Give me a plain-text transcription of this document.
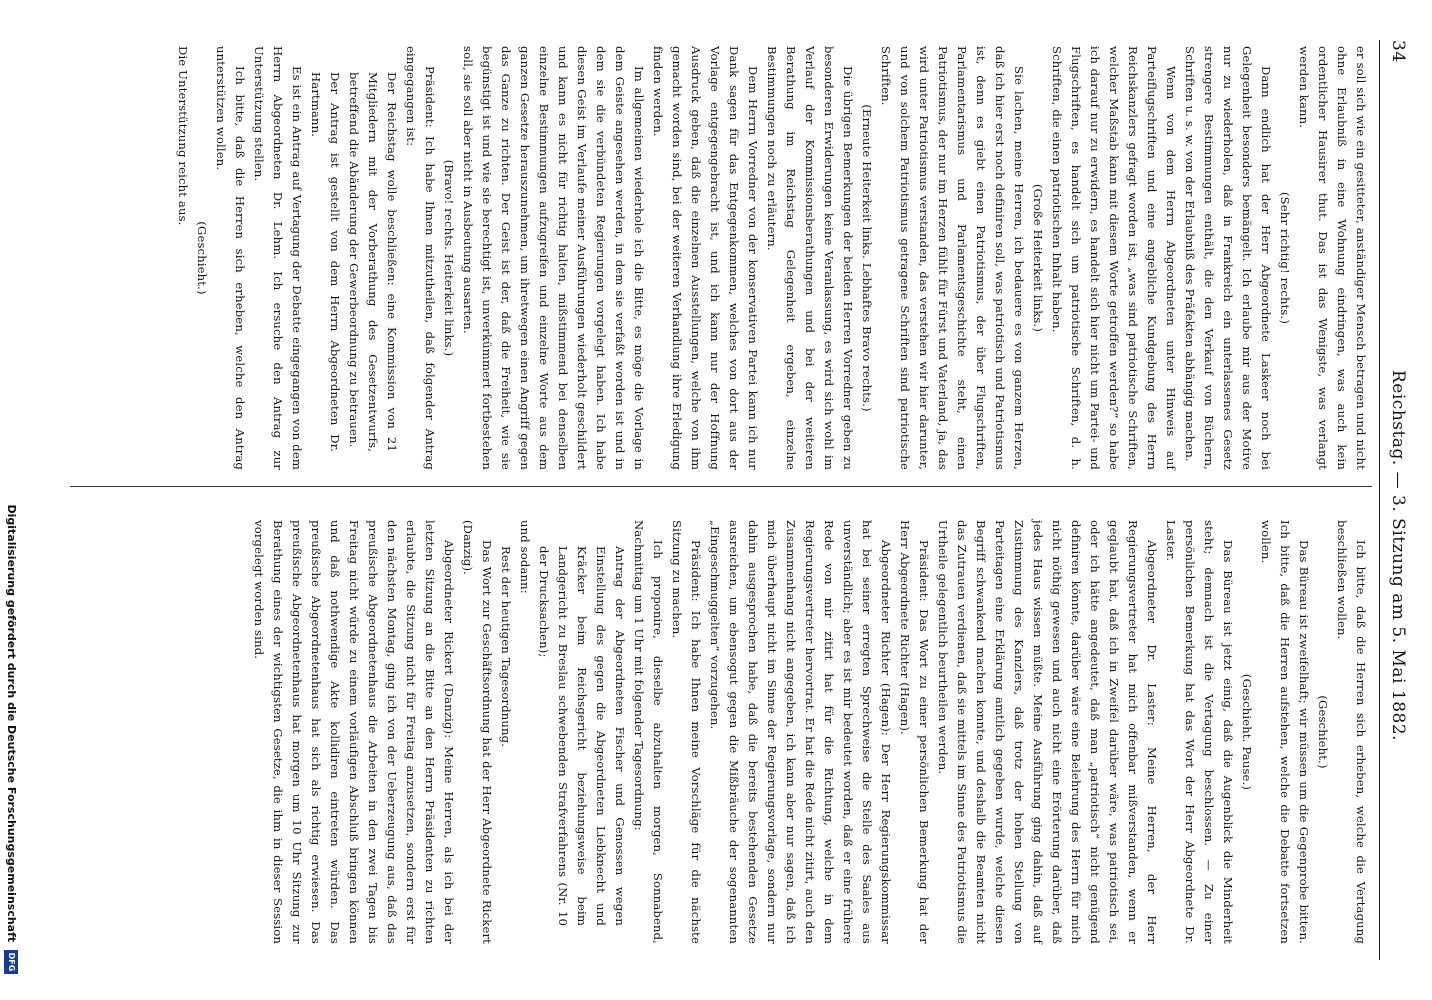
34
Reichstag. — 3. Sitzung am 5. Mai 1882.

er soll sich wie ein gesitteter, anständiger Mensch betragen und nicht ohne Erlaubniß in eine Wohnung eindringen, was auch kein ordentlicher Hausirer thut. Das ist das Wenigste, was verlangt werden kann.

(Sehr richtig! rechts.)

Dann endlich hat der Herr Abgeordnete Laskeer noch bei Gelegenheit besonders bemängelt. Ich erlaube mir aus der Motive nur zu wiederholen, daß in Frankreich ein unterlassenes Gesetz strengere Bestimmungen enthält, die den Verkauf von Büchern, Schriften u. s. w. von der Erlaubniß des Präfekten abhängig machen.

Wenn von dem Herrn Abgeordneten unter Hinweis auf Parteiflugschriften und eine angebliche Kundgebung des Herrn Reichskanzlers gefragt worden ist, „was sind patriotische Schriften, welcher Maßstab kann mit diesem Worte getroffen werden?“ so habe ich darauf nur zu erwidern, es handelt sich hier nicht um Partei- und Flugschriften, es handelt sich um patriotische Schriften, d. h. Schriften, die einen patriotischen Inhalt haben.

(Große Heiterkeit links.)

Sie lachen, meine Herren, ich bedauere es von ganzem Herzen, daß ich hier erst noch definiren soll, was patriotisch und Patriotismus ist, denn es giebt einen Patriotismus, der über Flugschriften, Parlamentarismus und Parlamentsgeschichte steht, einen Patriotismus, der nur im Herzen fühlt für Fürst und Vaterland, ja, das wird unter Patriotismus verstanden, das verstehen wir hier darunter, und von solchem Patriotismus getragene Schriften sind patriotische Schriften.

(Erneute Heiterkeit links. Lebhaftes Bravo rechts.)

Die übrigen Bemerkungen der beiden Herren Vorredner geben zu besonderen Erwiderungen keine Veranlassung, es wird sich wohl im Verlauf der Kommissionsberathungen und bei der weiteren Berathung im Reichstag Gelegenheit ergeben, einzelne Bestimmungen noch zu erläutern.

Dem Herrn Vorredner von der konservativen Partei kann ich nur Dank sagen für das Entgegenkommen, welches von dort aus der Vorlage entgegengebracht ist, und ich kann nur der Hoffnung Ausdruck geben, daß die einzelnen Ausstellungen, welche von ihm gemacht worden sind, bei der weiteren Verhandlung ihre Erledigung finden werden.

Im allgemeinen wiederhole ich die Bitte, es möge die Vorlage in dem Geiste angesehen werden, in dem sie verfaßt worden ist und in dem sie die verbündeten Regierungen vorgelegt haben. Ich habe diesen Geist im Verlaufe meiner Ausführungen wiederholt geschildert und kann es nicht für richtig halten, mißstimmend bei denselben einzelne Bestimmungen aufzugreifen und einzelne Worte aus dem ganzen Gesetze herauszunehmen, um ihretwegen einen Angriff gegen das Ganze zu richten. Der Geist ist der, daß die Freiheit, wie sie begünstigt ist und wie sie berechtigt ist, unverkümmert fortbestehen soll, sie soll aber nicht in Ausbeutung ausarten.

(Bravo! rechts. Heiterkeit links.)

Präsident: Ich habe Ihnen mitzutheilen, daß folgender Antrag eingegangen ist:

Der Reichstag wolle beschließen: eine Kommission von 21 Mitgliedern mit der Vorberathung des Gesetzentwurfs, betreffend die Abänderung der Gewerbeordnung zu betrauen.

Der Antrag ist gestellt von dem Herrn Abgeordneten Dr. Hartmann.

Es ist ein Antrag auf Vertagung der Debatte eingegangen von dem Herrn Abgeordneten Dr. Lehm. Ich ersuche den Antrag zur Unterstützung stellen.

Ich bitte, daß die Herren sich erheben, welche den Antrag unterstützen wollen.

(Geschieht.)

Die Unterstützung reicht aus.

Ich bitte, daß die Herren sich erheben, welche die Vertagung beschließen wollen.

(Geschieht.)

Das Büreau ist zweifelhaft; wir müssen um die Gegenprobe bitten. Ich bitte, daß die Herren aufstehen, welche die Debatte fortsetzen wollen.

(Geschieht. Pause.)

Das Büreau ist jetzt einig, daß die Augenblick die Minderheit steht; demnach ist die Vertagung beschlossen. — Zu einer persönlichen Bemerkung hat das Wort der Herr Abgeordnete Dr. Laster.

Abgeordneter Dr. Laster: Meine Herren, der Herr Regierungsvertreter hat mich offenbar mißverstanden, wenn er geglaubt hat, daß ich in Zweifel darüber wäre, was patriotisch sei, oder ich hätte angedeutet, daß man „patriotisch“ nicht genügend definiren könnte, darüber wäre eine Belehrung des Herrn für mich nicht nöthig gewesen und auch nicht eine Erörterung darüber, daß jedes Haus wissen müßte. Meine Ausführung ging dahin, daß auf Zustimmung des Kanzlers, daß trotz der hohen Stellung von Parteitagen eine Erklärung amtlich gegeben wurde, welche diesen Begriff schwankend machen konnte, und deshalb die Beamten nicht das Zutrauen verdienen, daß sie mittels im Sinne des Patriotismus die Urtheile gelegentlich beurtheilen werden.

Präsident: Das Wort zu einer persönlichen Bemerkung hat der Herr Abgeordnete Richter (Hagen).

Abgeordneter Richter (Hagen): Der Herr Regierungskommissar hat bei seiner erregten Sprechweise die Stelle des Saales aus unverständlich; aber es ist mir bedeutet worden, daß er eine frühere Rede von mir zitirt hat für die Richtung, welche in dem Regierungsvertreter hervortrat. Er hat die Rede nicht zitirt, auch den Zusammenhang nicht angegeben, ich kann aber nur sagen, daß ich mich überhaupt nicht im Sinne der Regierungsvorlage, sondern nur dahin ausgesprochen habe, daß die bereits bestehenden Gesetze ausreichen, um ebensogut gegen die Mißbräuche der sogenannten „Eingeschmuggelten“ vorzugehen.

Präsident: Ich habe Ihnen meine Vorschläge für die nächste Sitzung zu machen.

Ich proponire, dieselbe abzuhalten morgen, Sonnabend, Nachmittag um 1 Uhr mit folgender Tagesordnung:

Antrag der Abgeordneten Fischer und Genossen wegen Einstellung des gegen die Abgeordneten Liebknecht und Kräcker beim Reichsgericht beziehungsweise beim Landgericht zu Breslau schwebenden Strafverfahrens (Nr. 10 der Drucksachen);

und sodann:

Rest der heutigen Tagesordnung.

Das Wort zur Geschäftsordnung hat der Herr Abgeordnete Rickert (Danzig).

Abgeordneter Rickert (Danzig): Meine Herren, als ich bei der letzten Sitzung an die Bitte an den Herrn Präsidenten zu richten erlaubte, die Sitzung nicht für Freitag anzusetzen, sondern erst für den nächsten Montag, ging ich von der Ueberzeugung aus, daß das preußische Abgeordnetenhaus die Arbeiten in den zwei Tagen bis Freitag nicht würde zu einem vorläufigen Abschluß bringen können und daß nothwendige Akte kollidiren eintreten würden. Das preußische Abgeordnetenhaus hat sich als richtig erwiesen. Das preußische Abgeordnetenhaus hat morgen um 10 Uhr Sitzung zur Berathung eines der wichtigsten Gesetze, die ihm in dieser Session vorgelegt worden sind.

Digitalisierung gefördert durch die Deutsche Forschungsgemeinschaft DFG
